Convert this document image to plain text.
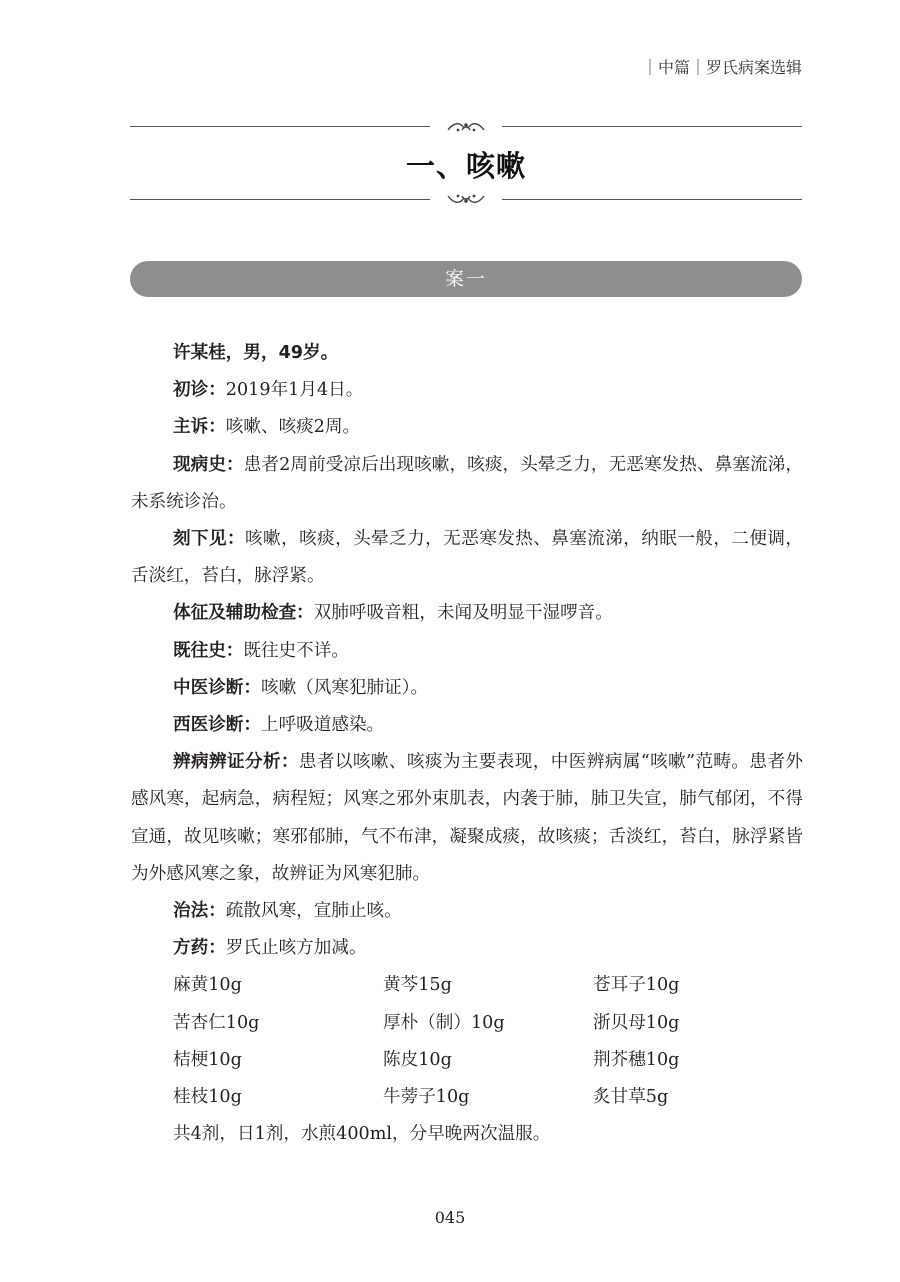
｜中篇｜罗氏病案选辑
一、咳嗽
案一

许某桂，男，49岁。

初诊：2019年1月4日。

主诉：咳嗽、咳痰2周。

现病史：患者2周前受凉后出现咳嗽，咳痰，头晕乏力，无恶寒发热、鼻塞流涕，未系统诊治。

刻下见：咳嗽，咳痰，头晕乏力，无恶寒发热、鼻塞流涕，纳眠一般，二便调，舌淡红，苔白，脉浮紧。

体征及辅助检查：双肺呼吸音粗，未闻及明显干湿啰音。

既往史：既往史不详。

中医诊断：咳嗽（风寒犯肺证）。

西医诊断：上呼吸道感染。

辨病辨证分析：患者以咳嗽、咳痰为主要表现，中医辨病属“咳嗽”范畴。患者外感风寒，起病急，病程短；风寒之邪外束肌表，内袭于肺，肺卫失宣，肺气郁闭，不得宣通，故见咳嗽；寒邪郁肺，气不布津，凝聚成痰，故咳痰；舌淡红，苔白，脉浮紧皆为外感风寒之象，故辨证为风寒犯肺。

治法：疏散风寒，宣肺止咳。

方药：罗氏止咳方加减。

麻黄10g	黄芩15g	苍耳子10g
苦杏仁10g	厚朴（制）10g	浙贝母10g
桔梗10g	陈皮10g	荆芥穗10g
桂枝10g	牛蒡子10g	炙甘草5g

共4剂，日1剂，水煎400ml，分早晚两次温服。

045
